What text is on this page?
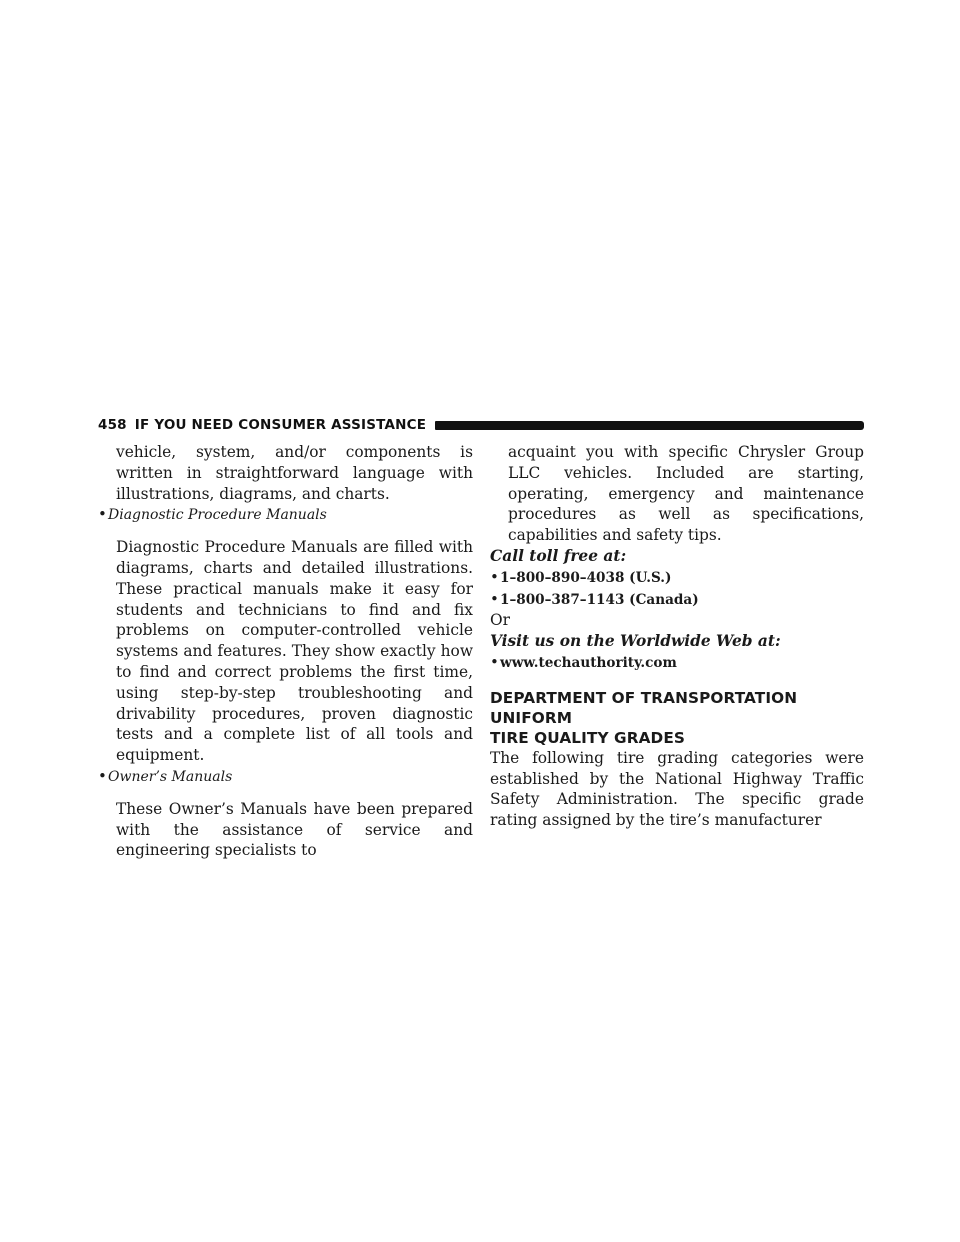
458 IF YOU NEED CONSUMER ASSISTANCE

vehicle, system, and/or components is written in straightforward language with illustrations, diagrams, and charts.

• Diagnostic Procedure Manuals

Diagnostic Procedure Manuals are filled with diagrams, charts and detailed illustrations. These practical manuals make it easy for students and technicians to find and fix problems on computer-controlled vehicle systems and features. They show exactly how to find and correct problems the first time, using step-by-step troubleshooting and drivability procedures, proven diagnostic tests and a complete list of all tools and equipment.

• Owner’s Manuals

These Owner’s Manuals have been prepared with the assistance of service and engineering specialists to

acquaint you with specific Chrysler Group LLC vehicles. Included are starting, operating, emergency and maintenance procedures as well as specifications, capabilities and safety tips.

Call toll free at:

• 1–800–890–4038 (U.S.)
• 1–800–387–1143 (Canada)

Or

Visit us on the Worldwide Web at:

• www.techauthority.com

DEPARTMENT OF TRANSPORTATION UNIFORM

TIRE QUALITY GRADES

The following tire grading categories were established by the National Highway Traffic Safety Administration. The specific grade rating assigned by the tire’s manufacturer
